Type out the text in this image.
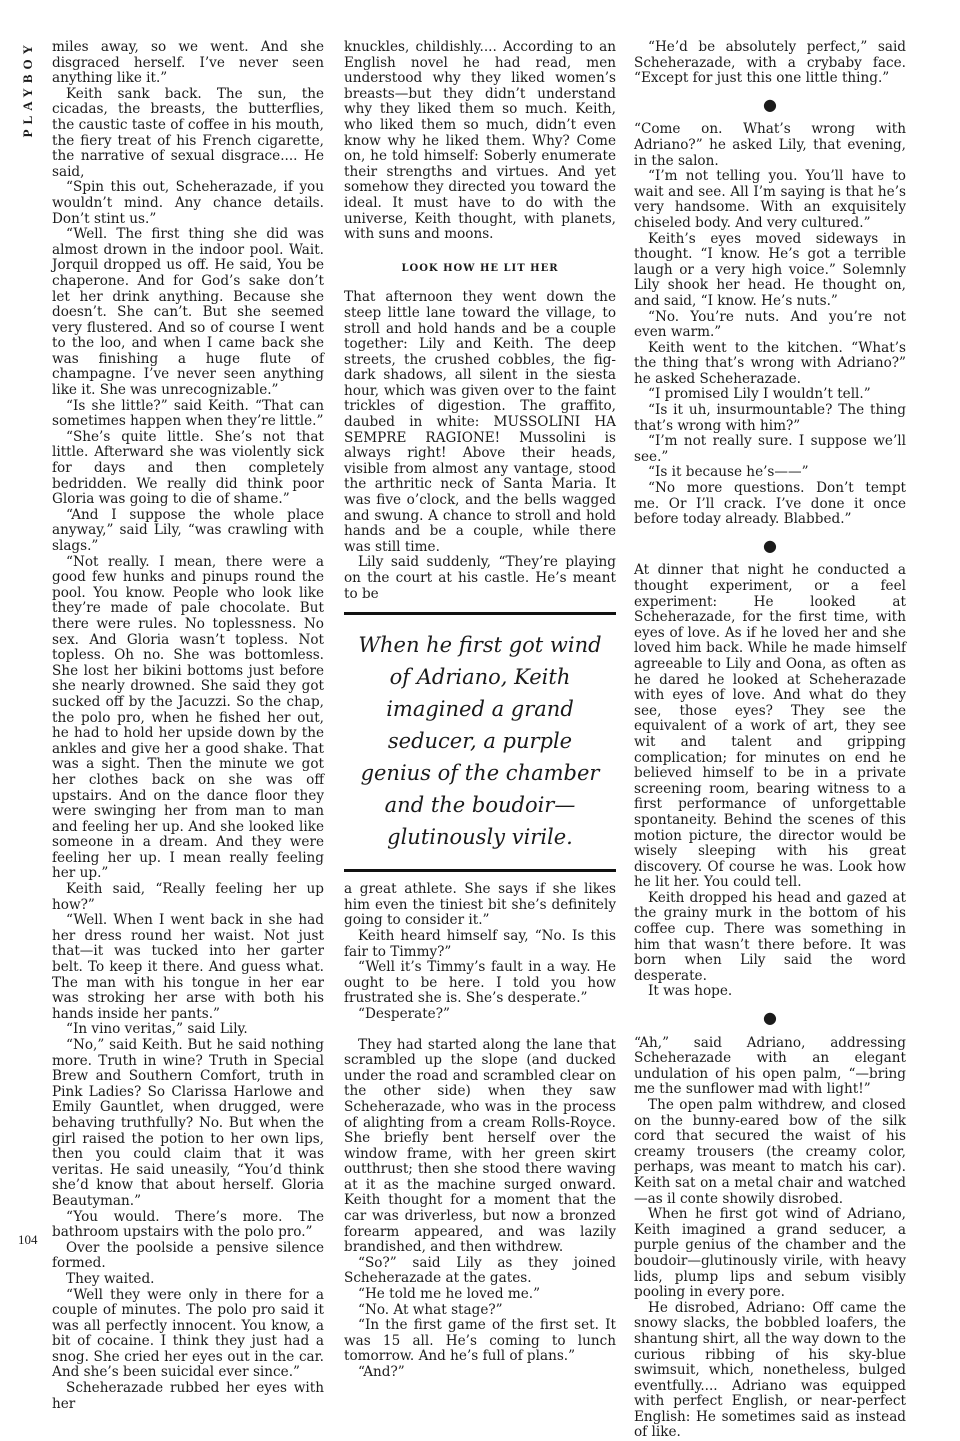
PLAYBOY
104

miles away, so we went. And she disgraced herself. I’ve never seen anything like it.”

Keith sank back. The sun, the cicadas, the breasts, the butterflies, the caustic taste of coffee in his mouth, the fiery treat of his French cigarette, the narrative of sexual disgrace.... He said,

“Spin this out, Scheherazade, if you wouldn’t mind. Any chance details. Don’t stint us.”

“Well. The first thing she did was almost drown in the indoor pool. Wait. Jorquil dropped us off. He said, You be chaperone. And for God’s sake don’t let her drink anything. Because she doesn’t. She can’t. But she seemed very flustered. And so of course I went to the loo, and when I came back she was finishing a huge flute of champagne. I’ve never seen anything like it. She was unrecognizable.”

“Is she little?” said Keith. “That can sometimes happen when they’re little.”

“She’s quite little. She’s not that little. Afterward she was violently sick for days and then completely bedridden. We really did think poor Gloria was going to die of shame.”

“And I suppose the whole place anyway,” said Lily, “was crawling with slags.”

“Not really. I mean, there were a good few hunks and pinups round the pool. You know. People who look like they’re made of pale chocolate. But there were rules. No toplessness. No sex. And Gloria wasn’t topless. Not topless. Oh no. She was bottomless. She lost her bikini bottoms just before she nearly drowned. She said they got sucked off by the Jacuzzi. So the chap, the polo pro, when he fished her out, he had to hold her upside down by the ankles and give her a good shake. That was a sight. Then the minute we got her clothes back on she was off upstairs. And on the dance floor they were swinging her from man to man and feeling her up. And she looked like someone in a dream. And they were feeling her up. I mean really feeling her up.”

Keith said, “Really feeling her up how?”

“Well. When I went back in she had her dress round her waist. Not just that—it was tucked into her garter belt. To keep it there. And guess what. The man with his tongue in her ear was stroking her arse with both his hands inside her pants.”

“In vino veritas,” said Lily.

“No,” said Keith. But he said nothing more. Truth in wine? Truth in Special Brew and Southern Comfort, truth in Pink Ladies? So Clarissa Harlowe and Emily Gauntlet, when drugged, were behaving truthfully? No. But when the girl raised the potion to her own lips, then you could claim that it was veritas. He said uneasily, “You’d think she’d know that about herself. Gloria Beautyman.”

“You would. There’s more. The bathroom upstairs with the polo pro.”

Over the poolside a pensive silence formed.

They waited.

“Well they were only in there for a couple of minutes. The polo pro said it was all perfectly innocent. You know, a bit of cocaine. I think they just had a snog. She cried her eyes out in the car. And she’s been suicidal ever since.”

Scheherazade rubbed her eyes with her

knuckles, childishly.... According to an English novel he had read, men understood why they liked women’s breasts—but they didn’t understand why they liked them so much. Keith, who liked them so much, didn’t even know why he liked them. Why? Come on, he told himself: Soberly enumerate their strengths and virtues. And yet somehow they directed you toward the ideal. It must have to do with the universe, Keith thought, with planets, with suns and moons.

LOOK HOW HE LIT HER

That afternoon they went down the steep little lane toward the village, to stroll and hold hands and be a couple together: Lily and Keith. The deep streets, the crushed cobbles, the fig-dark shadows, all silent in the siesta hour, which was given over to the faint trickles of digestion. The graffito, daubed in white: MUSSOLINI HA SEMPRE RAGIONE! Mussolini is always right! Above their heads, visible from almost any vantage, stood the arthritic neck of Santa Maria. It was five o’clock, and the bells wagged and swung. A chance to stroll and hold hands and be a couple, while there was still time.

Lily said suddenly, “They’re playing on the court at his castle. He’s meant to be

When he first got wind of Adriano, Keith imagined a grand seducer, a purple genius of the chamber and the boudoir—glutinously virile.

a great athlete. She says if she likes him even the tiniest bit she’s definitely going to consider it.”

Keith heard himself say, “No. Is this fair to Timmy?”

“Well it’s Timmy’s fault in a way. He ought to be here. I told you how frustrated she is. She’s desperate.”

“Desperate?”

They had started along the lane that scrambled up the slope (and ducked under the road and scrambled clear on the other side) when they saw Scheherazade, who was in the process of alighting from a cream Rolls-Royce. She briefly bent herself over the window frame, with her green skirt outthrust; then she stood there waving at it as the machine surged onward. Keith thought for a moment that the car was driverless, but now a bronzed forearm appeared, and was lazily brandished, and then withdrew.

“So?” said Lily as they joined Scheherazade at the gates.

“He told me he loved me.”

“No. At what stage?”

“In the first game of the first set. It was 15 all. He’s coming to lunch tomorrow. And he’s full of plans.”

“And?”

“He’d be absolutely perfect,” said Scheherazade, with a crybaby face. “Except for just this one little thing.”

●

“Come on. What’s wrong with Adriano?” he asked Lily, that evening, in the salon.

“I’m not telling you. You’ll have to wait and see. All I’m saying is that he’s very handsome. With an exquisitely chiseled body. And very cultured.”

Keith’s eyes moved sideways in thought. “I know. He’s got a terrible laugh or a very high voice.” Solemnly Lily shook her head. He thought on, and said, “I know. He’s nuts.”

“No. You’re nuts. And you’re not even warm.”

Keith went to the kitchen. “What’s the thing that’s wrong with Adriano?” he asked Scheherazade.

“I promised Lily I wouldn’t tell.”

“Is it uh, insurmountable? The thing that’s wrong with him?”

“I’m not really sure. I suppose we’ll see.”

“Is it because he’s——”

“No more questions. Don’t tempt me. Or I’ll crack. I’ve done it once before today already. Blabbed.”

●

At dinner that night he conducted a thought experiment, or a feel experiment: He looked at Scheherazade, for the first time, with eyes of love. As if he loved her and she loved him back. While he made himself agreeable to Lily and Oona, as often as he dared he looked at Scheherazade with eyes of love. And what do they see, those eyes? They see the equivalent of a work of art, they see wit and talent and gripping complication; for minutes on end he believed himself to be in a private screening room, bearing witness to a first performance of unforgettable spontaneity. Behind the scenes of this motion picture, the director would be wisely sleeping with his great discovery. Of course he was. Look how he lit her. You could tell.

Keith dropped his head and gazed at the grainy murk in the bottom of his coffee cup. There was something in him that wasn’t there before. It was born when Lily said the word desperate.

It was hope.

●

“Ah,” said Adriano, addressing Scheherazade with an elegant undulation of his open palm, “—bring me the sunflower mad with light!”

The open palm withdrew, and closed on the bunny-eared bow of the silk cord that secured the waist of his creamy trousers (the creamy color, perhaps, was meant to match his car). Keith sat on a metal chair and watched—as il conte showily disrobed.

When he first got wind of Adriano, Keith imagined a grand seducer, a purple genius of the chamber and the boudoir—glutinously virile, with heavy lids, plump lips and sebum visibly pooling in every pore.

He disrobed, Adriano: Off came the snowy slacks, the bobbled loafers, the shantung shirt, all the way down to the curious ribbing of his sky-blue swimsuit, which, nonetheless, bulged eventfully.... Adriano was equipped with perfect English, or near-perfect English: He sometimes said as instead of like.
